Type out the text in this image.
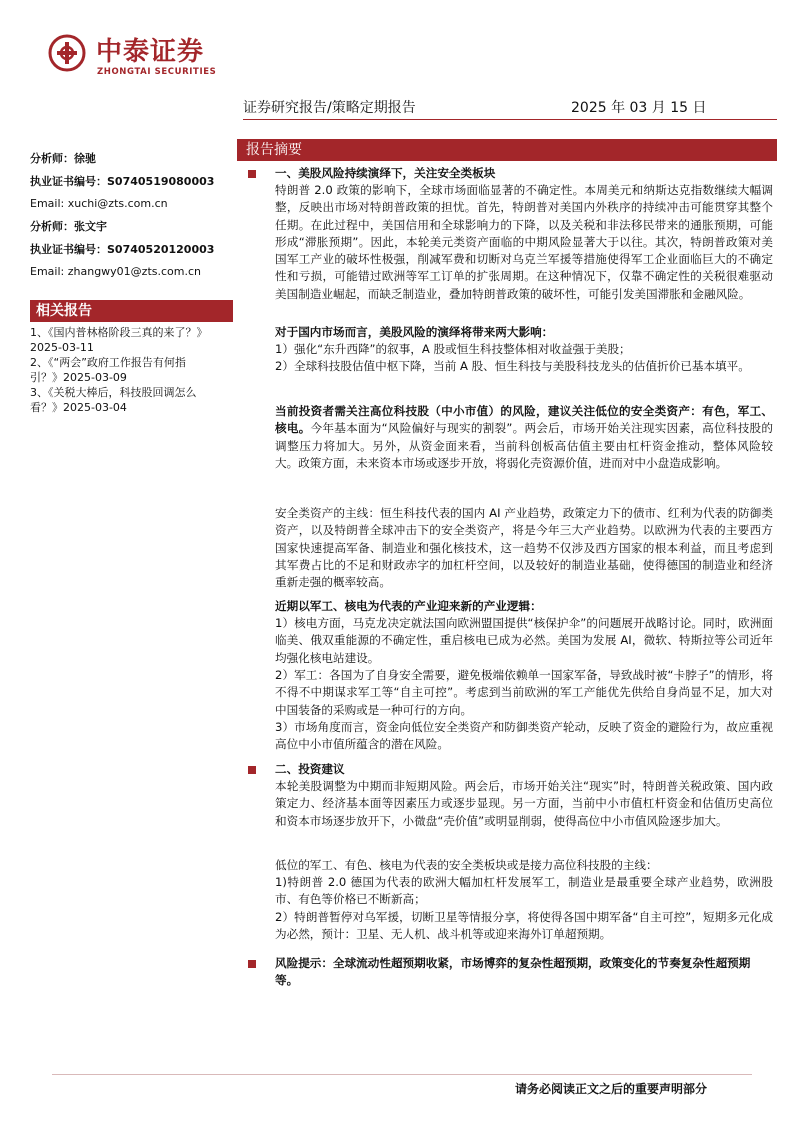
中泰证券
ZHONGTAI SECURITIES
证券研究报告/策略定期报告	2025 年 03 月 15 日
分析师：徐驰
执业证书编号：S0740519080003
Email: xuchi@zts.com.cn
分析师：张文宇
执业证书编号：S0740520120003
Email: zhangwy01@zts.com.cn
相关报告
1、《国内普林格阶段三真的来了？》
2025-03-11
2、《“两会”政府工作报告有何指
引？》2025-03-09
3、《关税大棒后，科技股回调怎么
看？》2025-03-04
报告摘要
一、美股风险持续演绎下，关注安全类板块
特朗普 2.0 政策的影响下，全球市场面临显著的不确定性。本周美元和纳斯达克指数继续大幅调整，反映出市场对特朗普政策的担忧。首先，特朗普对美国内外秩序的持续冲击可能贯穿其整个任期。在此过程中，美国信用和全球影响力的下降，以及关税和非法移民带来的通胀预期，可能形成“滞胀预期”。因此，本轮美元类资产面临的中期风险显著大于以往。其次，特朗普政策对美国军工产业的破坏性极强，削减军费和切断对乌克兰军援等措施使得军工企业面临巨大的不确定性和亏损，可能错过欧洲等军工订单的扩张周期。在这种情况下，仅靠不确定性的关税很难驱动美国制造业崛起，而缺乏制造业，叠加特朗普政策的破坏性，可能引发美国滞胀和金融风险。
对于国内市场而言，美股风险的演绎将带来两大影响：
1）强化“东升西降”的叙事，A 股或恒生科技整体相对收益强于美股；
2）全球科技股估值中枢下降，当前 A 股、恒生科技与美股科技龙头的估值折价已基本填平。
当前投资者需关注高位科技股（中小市值）的风险，建议关注低位的安全类资产：有色，军工、核电。今年基本面为“风险偏好与现实的割裂”。两会后，市场开始关注现实因素，高位科技股的调整压力将加大。另外，从资金面来看，当前科创板高估值主要由杠杆资金推动，整体风险较大。政策方面，未来资本市场或逐步开放，将弱化壳资源价值，进而对中小盘造成影响。
安全类资产的主线：恒生科技代表的国内 AI 产业趋势，政策定力下的债市、红利为代表的防御类资产，以及特朗普全球冲击下的安全类资产，将是今年三大产业趋势。以欧洲为代表的主要西方国家快速提高军备、制造业和强化核技术，这一趋势不仅涉及西方国家的根本利益，而且考虑到其军费占比的不足和财政赤字的加杠杆空间，以及较好的制造业基础，使得德国的制造业和经济重新走强的概率较高。
近期以军工、核电为代表的产业迎来新的产业逻辑：
1）核电方面，马克龙决定就法国向欧洲盟国提供“核保护伞”的问题展开战略讨论。同时，欧洲面临美、俄双重能源的不确定性，重启核电已成为必然。美国为发展 AI，微软、特斯拉等公司近年均强化核电站建设。
2）军工：各国为了自身安全需要，避免极端依赖单一国家军备，导致战时被“卡脖子”的情形，将不得不中期谋求军工等“自主可控”。考虑到当前欧洲的军工产能优先供给自身尚显不足，加大对中国装备的采购或是一种可行的方向。
3）市场角度而言，资金向低位安全类资产和防御类资产轮动，反映了资金的避险行为，故应重视高位中小市值所蕴含的潜在风险。
二、投资建议
本轮美股调整为中期而非短期风险。两会后，市场开始关注“现实”时，特朗普关税政策、国内政策定力、经济基本面等因素压力或逐步显现。另一方面，当前中小市值杠杆资金和估值历史高位和资本市场逐步放开下，小微盘“壳价值”或明显削弱，使得高位中小市值风险逐步加大。
低位的军工、有色、核电为代表的安全类板块或是接力高位科技股的主线：
1)特朗普 2.0 德国为代表的欧洲大幅加杠杆发展军工，制造业是最重要全球产业趋势，欧洲股市、有色等价格已不断新高；
2）特朗普暂停对乌军援，切断卫星等情报分享，将使得各国中期军备“自主可控”，短期多元化成为必然，预计：卫星、无人机、战斗机等或迎来海外订单超预期。
风险提示：全球流动性超预期收紧，市场博弈的复杂性超预期，政策变化的节奏复杂性超预期等。
请务必阅读正文之后的重要声明部分
